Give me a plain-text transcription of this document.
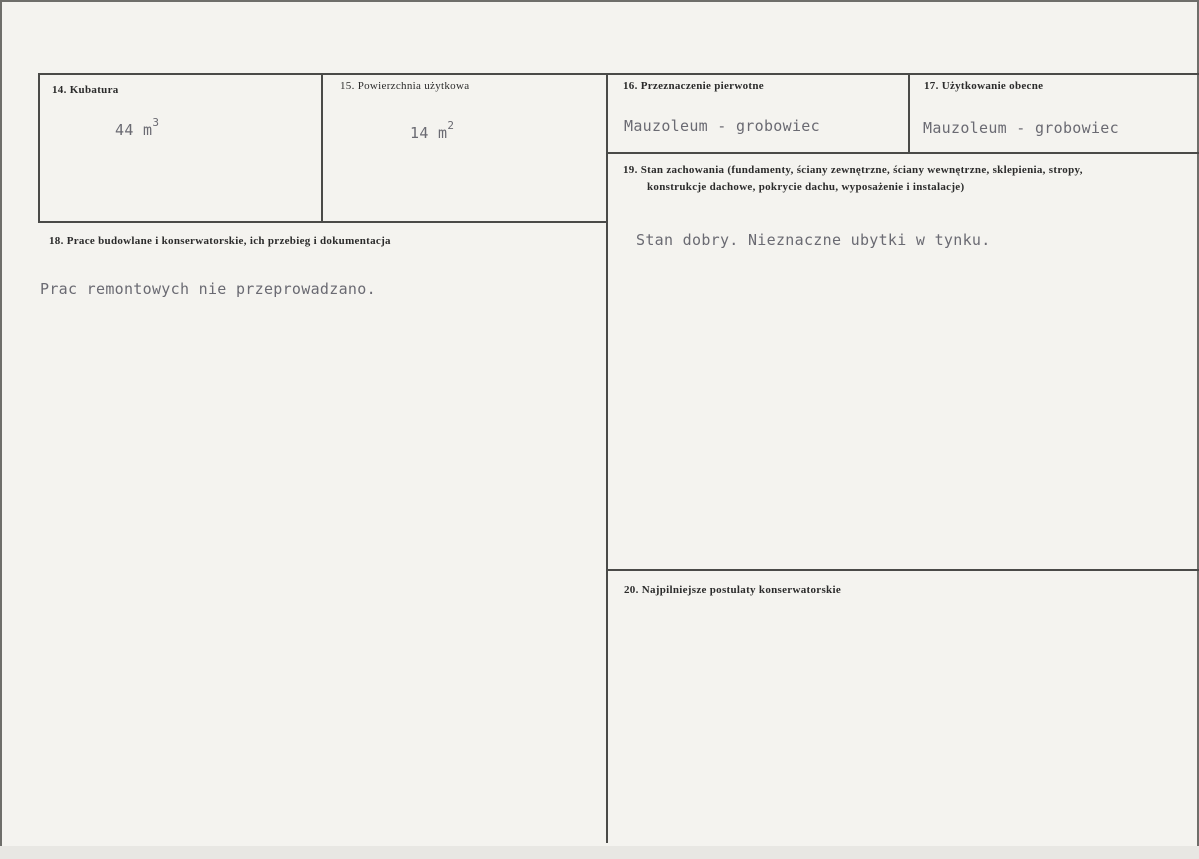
14. Kubatura
44 $m^3$
15. Powierzchnia użytkowa
14 $m^2$
16. Przeznaczenie pierwotne
Mauzoleum - grobowiec
17. Użytkowanie obecne
Mauzoleum - grobowiec
19. Stan zachowania (fundamenty, ściany zewnętrzne, ściany wewnętrzne, sklepienia, stropy,
konstrukcje dachowe, pokrycie dachu, wyposażenie i instalacje)
Stan dobry. Nieznaczne ubytki w tynku.
18. Prace budowlane i konserwatorskie, ich przebieg i dokumentacja
Prac remontowych nie przeprowadzano.
20. Najpilniejsze postulaty konserwatorskie
